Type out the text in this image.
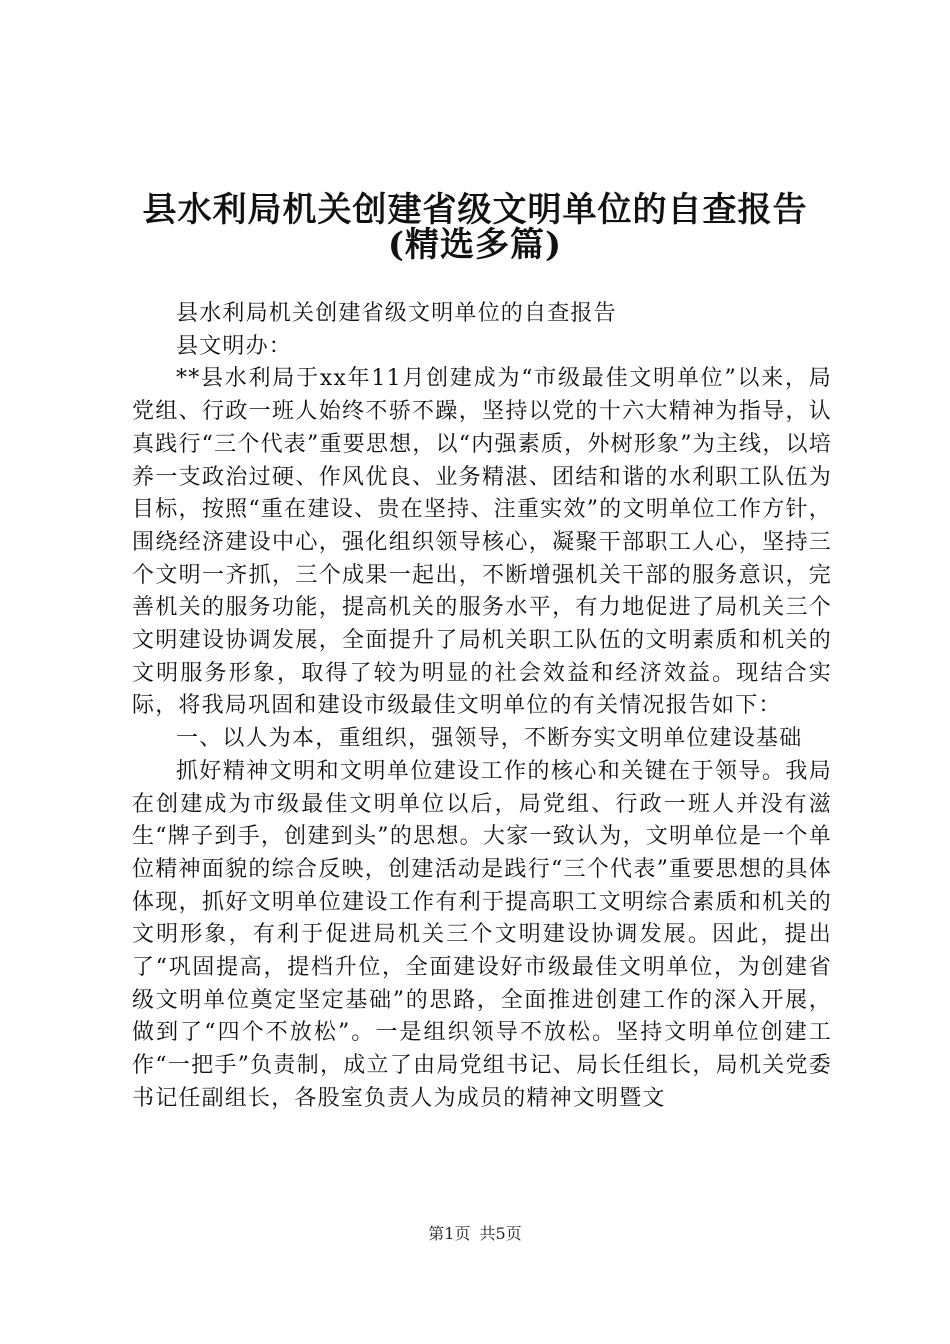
县水利局机关创建省级文明单位的自查报告
(精选多篇)

县水利局机关创建省级文明单位的自查报告

县文明办：

**县水利局于xx年11月创建成为“市级最佳文明单位”以来，局党组、行政一班人始终不骄不躁，坚持以党的十六大精神为指导，认真践行“三个代表”重要思想，以“内强素质，外树形象”为主线，以培养一支政治过硬、作风优良、业务精湛、团结和谐的水利职工队伍为目标，按照“重在建设、贵在坚持、注重实效”的文明单位工作方针，围绕经济建设中心，强化组织领导核心，凝聚干部职工人心，坚持三个文明一齐抓，三个成果一起出，不断增强机关干部的服务意识，完善机关的服务功能，提高机关的服务水平，有力地促进了局机关三个文明建设协调发展，全面提升了局机关职工队伍的文明素质和机关的文明服务形象，取得了较为明显的社会效益和经济效益。现结合实际，将我局巩固和建设市级最佳文明单位的有关情况报告如下：

一、以人为本，重组织，强领导，不断夯实文明单位建设基础

抓好精神文明和文明单位建设工作的核心和关键在于领导。我局在创建成为市级最佳文明单位以后，局党组、行政一班人并没有滋生“牌子到手，创建到头”的思想。大家一致认为，文明单位是一个单位精神面貌的综合反映，创建活动是践行“三个代表”重要思想的具体体现，抓好文明单位建设工作有利于提高职工文明综合素质和机关的文明形象，有利于促进局机关三个文明建设协调发展。因此，提出了“巩固提高，提档升位，全面建设好市级最佳文明单位，为创建省级文明单位奠定坚定基础”的思路，全面推进创建工作的深入开展，做到了“四个不放松”。一是组织领导不放松。坚持文明单位创建工作“一把手”负责制，成立了由局党组书记、局长任组长，局机关党委书记任副组长，各股室负责人为成员的精神文明暨文

第1页 共5页
